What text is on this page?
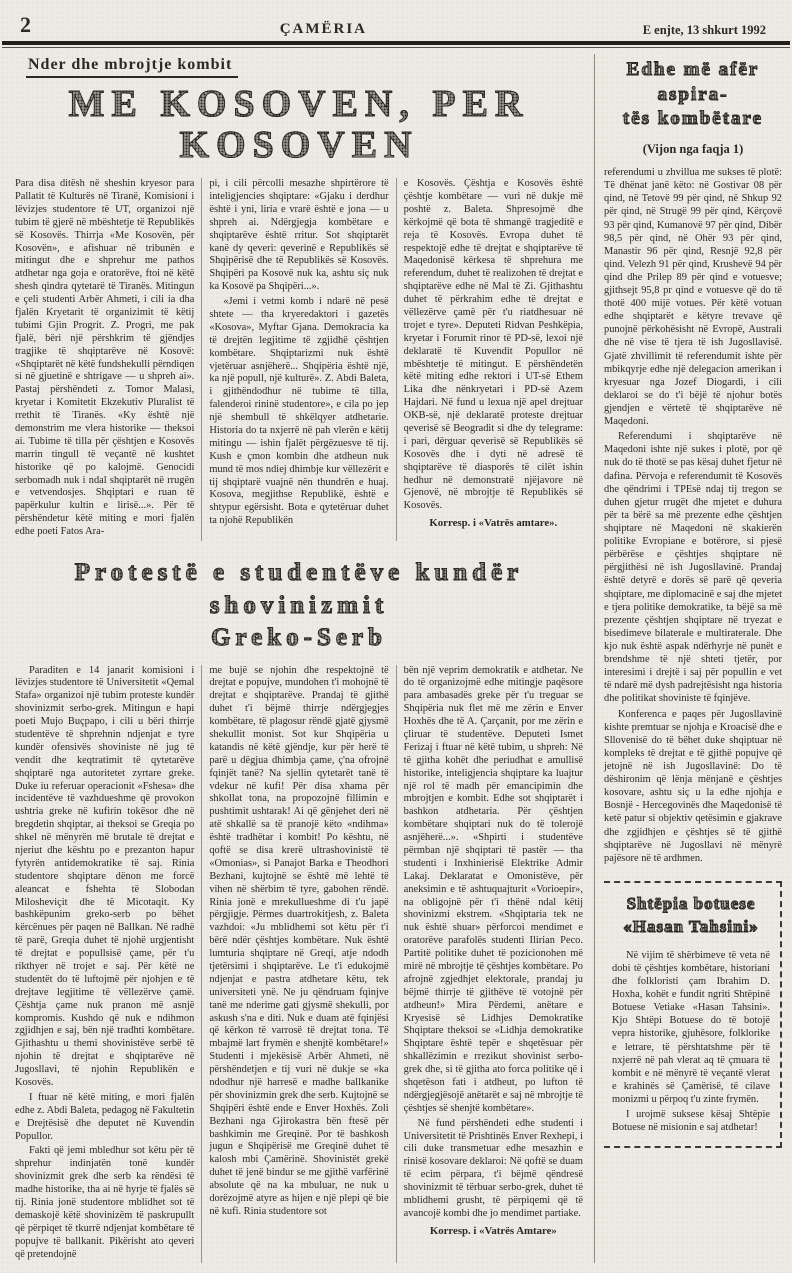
2	ÇAMËRIA	E enjte, 13 shkurt 1992
Nder dhe mbrojtje kombit
ME KOSOVEN, PER
KOSOVEN

Para disa ditësh në sheshin kryesor para Pallatit të Kulturës në Tiranë, Komisioni i lëvizjes studentore të UT, organizoi një tubim të gjerë në mbështetje të Republikës së Kosovës. Thirrja «Me Kosovën, për Kosovën», e afishuar në tribunën e mitingut dhe e shprehur me pathos atdhetar nga goja e oratorëve, ftoi në këtë shesh qindra qytetarë të Tiranës. Mitingun e çeli studenti Arbër Ahmeti, i cili ia dha fjalën Kryetarit të organizimit të këtij tubimi Gjin Progrit. Z. Progri, me pak fjalë, bëri një përshkrim të gjëndjes tragjike të shqiptarëve në Kosovë: «Shqiptarët në këtë fundshekulli përndiqen si në gjuetinë e shtrigave — u shpreh ai». Pastaj përshëndeti z. Tomor Malasi, kryetar i Komitetit Ekzekutiv Pluralist të rrethit të Tiranës. «Ky është një demonstrim me vlera historike — theksoi ai. Tubime të tilla për çështjen e Kosovës marrin tingull të veçantë në kushtet historike që po kalojmë. Genocidi serbomadh nuk i ndal shqiptarët në rrugën e vetvendosjes. Shqiptari e ruan të papërkulur kultin e lirisë...». Për të përshëndetur këtë miting e mori fjalën edhe poeti Fatos Ara-

pi, i cili përcolli mesazhe shpirtërore të inteligjencies shqiptare: «Gjaku i derdhur është i yni, liria e vrarë është e jona — u shpreh ai. Ndërgjegja kombëtare e shqiptarëve është rritur. Sot shqiptarët kanë dy qeveri: qeverinë e Republikës së Shqipërisë dhe të Republikës së Kosovës. Shqipëri pa Kosovë nuk ka, ashtu siç nuk ka Kosovë pa Shqipëri...».

«Jemi i vetmi komb i ndarë në pesë shtete — tha kryeredaktori i gazetës «Kosova», Myftar Gjana. Demokracia ka të drejtën legjitime të zgjidhë çështjen kombëtare. Shqiptarizmi nuk është vjetëruar asnjëherë... Shqipëria është një, ka një popull, një kulturë». Z. Abdi Baleta, i gjithëndodhur në tubime të tilla, falenderoi rininë studentore», e cila po jep një shembull të shkëlqyer atdhetarie. Historia do ta nxjerrë në pah vlerën e këtij mitingu — ishin fjalët përgëzuesve të tij. Kush e çmon kombin dhe atdheun nuk mund të mos ndiej dhimbje kur vëllezërit e tij shqiptarë vuajnë nën thundrën e huaj. Kosova, megjithse Republikë, është e shtypur egërsisht. Bota e qytetëruar duhet ta njohë Republikën

e Kosovës. Çështja e Kosovës është çështje kombëtare — vuri në dukje më poshtë z. Baleta. Shpresojmë dhe kërkojmë që bota të shmangë tragjeditë e reja të Kosovës. Evropa duhet të respektojë edhe të drejtat e shqiptarëve të Maqedonisë kërkesa të shprehura me referendum, duhet të realizohen të drejtat e shqiptarëve edhe në Mal të Zi. Gjithashtu duhet të përkrahim edhe të drejtat e vëllezërve çamë për t'u riatdhesuar në trojet e tyre». Deputeti Ridvan Peshkëpia, kryetar i Forumit rinor të PD-së, lexoi një deklaratë të Kuvendit Popullor në mbështetje të mitingut. E përshëndetën këtë miting edhe rektori i UT-së Ethem Lika dhe nënkryetari i PD-së Azem Hajdari. Në fund u lexua një apel drejtuar OKB-së, një deklaratë proteste drejtuar qeverisë së Beogradit si dhe dy telegrame: i pari, dërguar qeverisë së Republikës së Kosovës dhe i dyti në adresë të shqiptarëve të diasporës të cilët ishin hedhur në demonstratë njëjavore në Gjenovë, në mbrojtje të Republikës së Kosovës.

Korresp. i «Vatrës amtare».
Protestë e studentëve kundër shovinizmit
Greko-Serb

Paraditen e 14 janarit komisioni i lëvizjes studentore të Universitetit «Qemal Stafa» organizoi një tubim proteste kundër shovinizmit serbo-grek. Mitingun e hapi poeti Mujo Buçpapo, i cili u bëri thirrje studentëve të shprehnin ndjenjat e tyre kundër ofensivës shoviniste në jug të vendit dhe keqtratimit të qytetarëve shqiptarë nga autoritetet zyrtare greke. Duke iu referuar operacionit «Fshesa» dhe incidentëve të vazhdueshme që provokon ushtria greke në kufirin tokësor dhe në bregdetin shqiptar, ai theksoi se Greqia po shkel në mënyrën më brutale të drejtat e njeriut dhe kështu po e prezanton hapur fytyrën antidemokratike të saj. Rinia studentore shqiptare dënon me forcë aleancat e fshehta të Slobodan Milosheviçit dhe të Micotaqit. Ky bashkëpunim greko-serb po bëhet kërcënues për paqen në Ballkan. Në radhë të parë, Greqia duhet të njohë urgjentisht të drejtat e popullsisë çame, për t'u rikthyer në trojet e saj. Për këtë ne studentët do të luftojmë për njohjen e të drejtave legjitime të vëllezërve çamë. Çështja çame nuk pranon më asnjë kompromis. Kushdo që nuk e ndihmon zgjidhjen e saj, bën një tradhti kombëtare. Gjithashtu u themi shovinistëve serbë të njohin të drejtat e shqiptarëve në Jugosllavi, të njohin Republikën e Kosovës.

I ftuar në këtë miting, e mori fjalën edhe z. Abdi Baleta, pedagog në Fakultetin e Drejtësisë dhe deputet në Kuvendin Popullor.

Fakti që jemi mbledhur sot këtu për të shprehur indinjatën tonë kundër shovinizmit grek dhe serb ka rëndësi të madhe historike, tha ai në hyrje të fjalës së tij. Rinia jonë studentore mblidhet sot të demaskojë këtë shovinizëm të paskrupullt që përpiqet të tkurrë ndjenjat kombëtare të popujve të ballkanit. Pikërisht ato qeveri që pretendojnë

me bujë se njohin dhe respektojnë të drejtat e popujve, mundohen t'i mohojnë të drejtat e shqiptarëve. Prandaj të gjithë duhet t'i bëjmë thirrje ndërgjegjes kombëtare, të plagosur rëndë gjatë gjysmë shekullit monist. Sot kur Shqipëria u katandis në këtë gjëndje, kur për herë të parë u dëgjua dhimbja çame, ç'na ofrojnë fqinjët tanë? Na sjellin qytetarët tanë të vdekur në kufi! Për disa xhama për shkollat tona, na propozojnë fillimin e pushtimit ushtarak! Ai që gënjehet deri në atë shkallë sa të pranojë këto «ndihma» është tradhëtar i kombit! Po kështu, në qoftë se disa krerë ultrashovinistë të «Omonias», si Panajot Barka e Theodhori Bezhani, kujtojnë se është më lehtë të vihen në shërbim të tyre, gabohen rëndë. Rinia jonë e mrekullueshme di t'u japë përgjigje. Përmes duartrokitjesh, z. Baleta vazhdoi: «Ju mblidhemi sot këtu për t'i bërë ndër çështjes kombëtare. Nuk është lumturia shqiptare në Greqi, atje ndodh tjetërsimi i shqiptarëve. Le t'i edukojmë ndjenjat e pastra atdhetare këtu, tek universiteti ynë. Ne ju qëndruam fqinjve tanë me nderime gati gjysmë shekulli, por askush s'na e diti. Nuk e duam atë fqinjësi që kërkon të varrosë të drejtat tona. Të mbajmë lart frymën e shenjtë kombëtare!» Studenti i mjekësisë Arbër Ahmeti, në përshëndetjen e tij vuri në dukje se «ka ndodhur një harresë e madhe ballkanike për shovinizmin grek dhe serb. Kujtojnë se Shqipëri është ende e Enver Hoxhës. Zoli Bezhani nga Gjirokastra bën ftesë për bashkimin me Greqinë. Por të bashkosh jugun e Shqipërisë me Greqinë duhet të kalosh mbi Çamërinë. Shovinistët grekë duhet të jenë bindur se me gjithë varfërinë absolute që na ka mbuluar, ne nuk u dorëzojmë atyre as hijen e një plepi që bie në kufi. Rinia studentore sot

bën një veprim demokratik e atdhetar. Ne do të organizojmë edhe mitingje paqësore para ambasadës greke për t'u treguar se Shqipëria nuk flet më me zërin e Enver Hoxhës dhe të A. Çarçanit, por me zërin e çliruar të studentëve. Deputeti Ismet Ferizaj i ftuar në këtë tubim, u shpreh: Në të gjitha kohët dhe periudhat e amullisë historike, inteligjencia shqiptare ka luajtur një rol të madh për emancipimin dhe mbrojtjen e kombit. Edhe sot shqiptarët i bashkon atdhetaria. Për çështjen kombëtare shqiptari nuk do të tolerojë asnjëherë...». «Shpirti i studentëve përmban një shqiptari të pastër — tha studenti i Inxhinierisë Elektrike Admir Lakaj. Deklaratat e Omonistëve, për aneksimin e të ashtuquajturit «Vorioepir», na obligojnë për t'i thënë ndal këtij shovinizmi ekstrem. «Shqiptaria tek ne nuk është shuar» përforcoi mendimet e oratorëve parafolës studenti Ilirian Peco. Partitë politike duhet të pozicionohen më mirë në mbrojtje të çështjes kombëtare. Po afrojnë zgjedhjet elektorale, prandaj ju bëjmë thirrje të gjithëve të votojnë për atdheun!» Mira Përdemi, anëtare e Kryesisë së Lidhjes Demokratike Shqiptare theksoi se «Lidhja demokratike Shqiptare është tepër e shqetësuar për shkallëzimin e rrezikut shovinist serbo-grek dhe, si të gjitha ato forca politike që i shqetëson fati i atdheut, po lufton të ndërgjegjësojë anëtarët e saj në mbrojtje të çështjes së shenjtë kombëtare».

Në fund përshëndeti edhe studenti i Universitetit të Prishtinës Enver Rexhepi, i cili duke transmetuar edhe mesazhin e rinisë kosovare deklaroi: Në qoftë se duam të ecim përpara, t'i bëjmë qëndresë shovinizmit të tërbuar serbo-grek, duhet të mblidhemi grusht, të përpiqemi që të avancojë kombi dhe jo mendimet partiake.

Korresp. i «Vatrës Amtare»
Edhe më afër aspira-
tës kombëtare
(Vijon nga faqja 1)

referendumi u zhvillua me sukses të plotë: Të dhënat janë këto: në Gostivar 08 për qind, në Tetovë 99 për qind, në Shkup 92 për qind, në Strugë 99 për qind, Kërçovë 93 për qind, Kumanovë 97 për qind, Dibër 98,5 për qind, në Ohër 93 për qind, Manastir 96 për qind, Resnjë 92,8 për qind. Velezh 91 për qind, Krushevë 94 për qind dhe Prilep 89 për qind e votuesve; gjithsejt 95,8 pr qind e votuesve që do të thotë 400 mijë votues. Për këtë votuan edhe shqiptarët e këtyre trevave që punojnë përkohësisht në Evropë, Australi dhe në vise të tjera të ish Jugosllavisë. Gjatë zhvillimit të referendumit ishte për mbikqyrje edhe një delegacion amerikan i kryesuar nga Jozef Diogardi, i cili deklaroi se do t'i bëjë të njohur botës gjendjen e vërtetë të shqiptarëve në Maqedoni.

Referendumi i shqiptarëve në Maqedoni ishte një sukes i plotë, por që nuk do të thotë se pas kësaj duhet fjetur në dafina. Përvoja e referendumit të Kosovës dhe qëndrimi i TPEsë ndaj tij tregon se duhen gjetur rrugët dhe mjetet e duhura për ta bërë sa më prezente edhe çështjen shqiptare në Maqedoni në skakierën politike Evropiane e botërore, si pjesë përbërëse e çështjes shqiptare në përgjithësi në ish Jugosllavinë. Prandaj është detyrë e dorës së parë që qeveria shqiptare, me diplomacinë e saj dhe mjetet e tjera politike demokratike, ta bëjë sa më prezente çështjen shqiptare në tryezat e bisedimeve bilaterale e multiraterale. Dhe kjo nuk është aspak ndërhyrje në punët e brendshme të një shteti tjetër, por interesimi i drejtë i saj për popullin e vet të ndarë më dysh padrejtësisht nga historia dhe politikat shoviniste të fqinjëve.

Konferenca e paqes për Jugosllavinë kishte premtuar se njohja e Kroacisë dhe e Sllovenisë do të bëhet duke shqiptuar në kompleks të drejtat e të gjithë popujve që jetojnë në ish Jugosllavinë: Do të dëshironim që lënja mënjanë e çështjes kosovare, ashtu siç u la edhe njohja e Bosnjë - Hercegovinës dhe Maqedonisë të ketë patur si objektiv qetësimin e gjakrave dhe zgjidhjen e çështjes së të gjithë shqiptarëve në Jugosllavi në mënyrë pajësore në të ardhmen.

Shtëpia botuese
«Hasan Tahsini»

Në vijim të shërbimeve të veta në dobi të çështjes kombëtare, historiani dhe folkloristi çam Ibrahim D. Hoxha, kohët e fundit ngriti Shtëpinë Botuese Vetiake «Hasan Tahsini». Kjo Shtëpi Botuese do të botojë vepra historike, gjuhësore, folklorike e letrare, të përshtatshme për të nxjerrë në pah vlerat aq të çmuara të kombit e në mënyrë të veçantë vlerat e krahinës së Çamërisë, të cilave monizmi u përpoq t'u zinte frymën.

I urojmë suksese kësaj Shtëpie Botuese në misionin e saj atdhetar!
